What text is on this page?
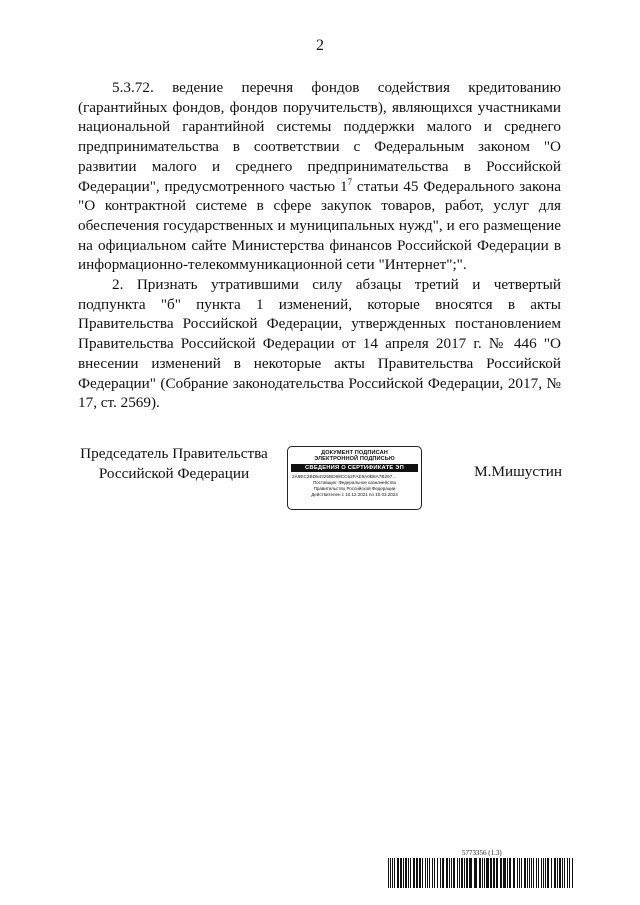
2

5.3.72. ведение перечня фондов содействия кредитованию (гарантийных фондов, фондов поручительств), являющихся участниками национальной гарантийной системы поддержки малого и среднего предпринимательства в соответствии с Федеральным законом "О развитии малого и среднего предпринимательства в Российской Федерации", предусмотренного частью $1^7$ статьи 45 Федерального закона "О контрактной системе в сфере закупок товаров, работ, услуг для обеспечения государственных и муниципальных нужд", и его размещение на официальном сайте Министерства финансов Российской Федерации в информационно-телекоммуникационной сети "Интернет";".

2. Признать утратившими силу абзацы третий и четвертый подпункта "б" пункта 1 изменений, которые вносятся в акты Правительства Российской Федерации, утвержденных постановлением Правительства Российской Федерации от 14 апреля 2017 г. № 446 "О внесении изменений в некоторые акты Правительства Российской Федерации" (Собрание законодательства Российской Федерации, 2017, № 17, ст. 2569).

Председатель Правительства
Российской Федерации
ДОКУМЕНТ ПОДПИСАН
ЭЛЕКТРОННОЙ ПОДПИСЬЮ
СВЕДЕНИЯ О СЕРТИФИКАТЕ ЭП
2A9EC2BD54325BD88CC62FAE9A0B8A7B297...
Поставщик: Федеральное казначейство
Правительство Российской Федерации
Действителен с 10.12.2021 по 10.03.2023
М.Мишустин
5773356 (1.3)
